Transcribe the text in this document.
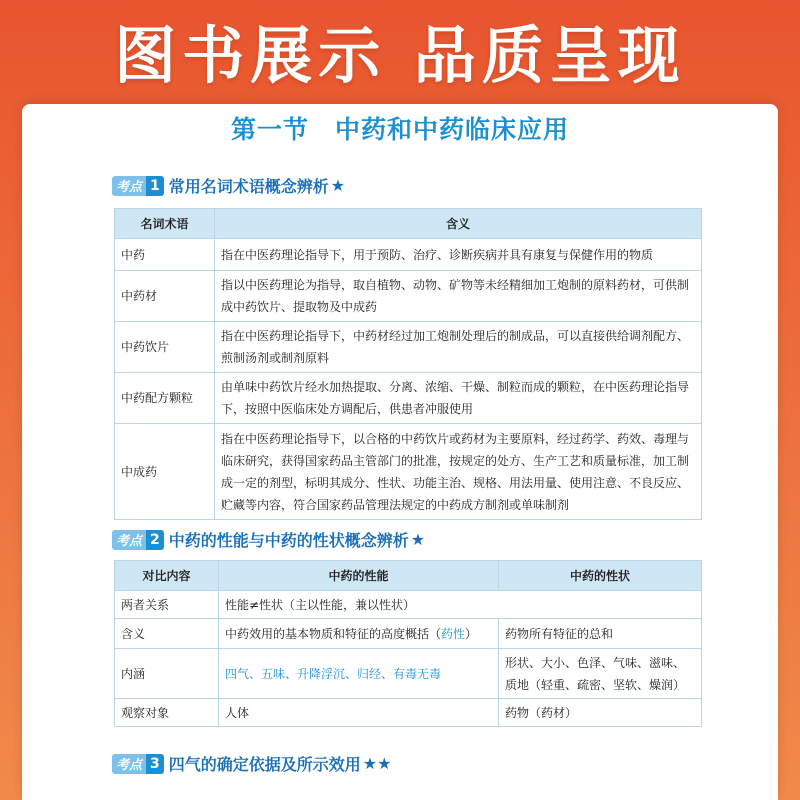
图书展示 品质呈现
第一节　中药和中药临床应用
考点 1 常用名词术语概念辨析 ★
名词术语	含义
中药	指在中医药理论指导下，用于预防、治疗、诊断疾病并具有康复与保健作用的物质
中药材	指以中医药理论为指导，取自植物、动物、矿物等未经精细加工炮制的原料药材，可供制成中药饮片、提取物及中成药
中药饮片	指在中医药理论指导下，中药材经过加工炮制处理后的制成品，可以直接供给调剂配方、煎制汤剂或制剂原料
中药配方颗粒	由单味中药饮片经水加热提取、分离、浓缩、干燥、制粒而成的颗粒，在中医药理论指导下，按照中医临床处方调配后，供患者冲服使用
中成药	指在中医药理论指导下，以合格的中药饮片或药材为主要原料，经过药学、药效、毒理与临床研究，获得国家药品主管部门的批准，按规定的处方、生产工艺和质量标准，加工制成一定的剂型，标明其成分、性状、功能主治、规格、用法用量、使用注意、不良反应、贮藏等内容，符合国家药品管理法规定的中药成方制剂或单味制剂
考点 2 中药的性能与中药的性状概念辨析 ★
对比内容	中药的性能	中药的性状
两者关系	性能≠性状（主以性能，兼以性状）	
含义	中药效用的基本物质和特征的高度概括（药性）	药物所有特征的总和
内涵	四气、五味、升降浮沉、归经、有毒无毒	形状、大小、色泽、气味、滋味、质地（轻重、疏密、坚软、燥润）
观察对象	人体	药物（药材）
考点 3 四气的确定依据及所示效用 ★★
